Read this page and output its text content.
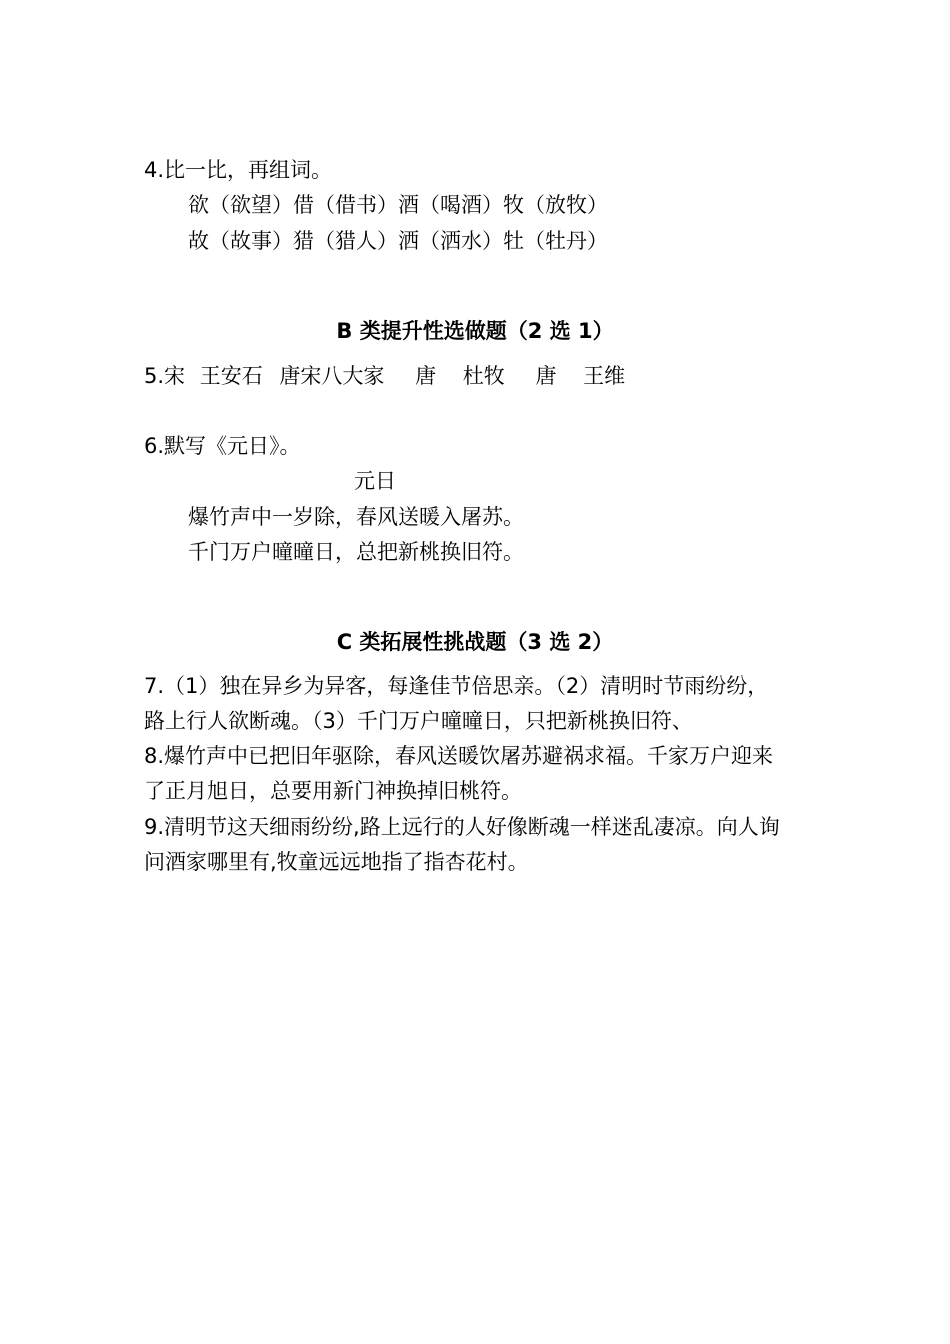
4.比一比，再组词。
欲（欲望）借（借书）酒（喝酒）牧（放牧）
故（故事）猎（猎人）洒（洒水）牡（牡丹）
B 类提升性选做题（2 选 1）
5.宋 王安石 唐宋八大家 唐 杜牧 唐 王维
6.默写《元日》。
元日
爆竹声中一岁除，春风送暖入屠苏。
千门万户曈曈日，总把新桃换旧符。
C 类拓展性挑战题（3 选 2）
7.（1）独在异乡为异客，每逢佳节倍思亲。（2）清明时节雨纷纷，
路上行人欲断魂。（3）千门万户曈曈日，只把新桃换旧符、
8.爆竹声中已把旧年驱除，春风送暖饮屠苏避祸求福。千家万户迎来
了正月旭日，总要用新门神换掉旧桃符。
9.清明节这天细雨纷纷,路上远行的人好像断魂一样迷乱凄凉。向人询
问酒家哪里有,牧童远远地指了指杏花村。
